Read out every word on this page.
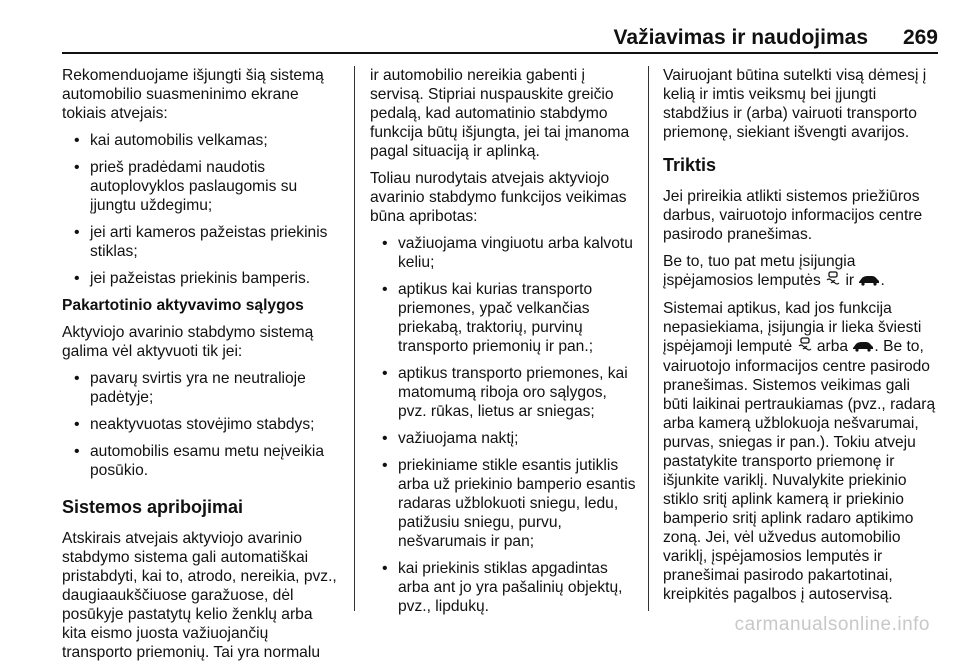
Važiavimas ir naudojimas 269

Rekomenduojame išjungti šią sistemą automobilio suasmeninimo ekrane tokiais atvejais:

• kai automobilis velkamas;
• prieš pradėdami naudotis autoplovyklos paslaugomis su įjungtu uždegimu;
• jei arti kameros pažeistas priekinis stiklas;
• jei pažeistas priekinis bamperis.

Pakartotinio aktyvavimo sąlygos

Aktyviojo avarinio stabdymo sistemą galima vėl aktyvuoti tik jei:

• pavarų svirtis yra ne neutralioje padėtyje;
• neaktyvuotas stovėjimo stabdys;
• automobilis esamu metu neįveikia posūkio.
Sistemos apribojimai

Atskirais atvejais aktyviojo avarinio stabdymo sistema gali automatiškai pristabdyti, kai to, atrodo, nereikia, pvz., daugiaaukščiuose garažuose, dėl posūkyje pastatytų kelio ženklų arba kita eismo juosta važiuojančių transporto priemonių. Tai yra normalu

ir automobilio nereikia gabenti į servisą. Stipriai nuspauskite greičio pedalą, kad automatinio stabdymo funkcija būtų išjungta, jei tai įmanoma pagal situaciją ir aplinką.

Toliau nurodytais atvejais aktyviojo avarinio stabdymo funkcijos veikimas būna apribotas:

• važiuojama vingiuotu arba kalvotu keliu;
• aptikus kai kurias transporto priemones, ypač velkančias priekabą, traktorių, purvinų transporto priemonių ir pan.;
• aptikus transporto priemones, kai matomumą riboja oro sąlygos, pvz. rūkas, lietus ar sniegas;
• važiuojama naktį;
• priekiniame stikle esantis jutiklis arba už priekinio bamperio esantis radaras užblokuoti sniegu, ledu, patižusiu sniegu, purvu, nešvarumais ir pan;
• kai priekinis stiklas apgadintas arba ant jo yra pašalinių objektų, pvz., lipdukų.

Vairuojant būtina sutelkti visą dėmesį į kelią ir imtis veiksmų bei įjungti stabdžius ir (arba) vairuoti transporto priemonę, siekiant išvengti avarijos.

Triktis

Jei prireikia atlikti sistemos priežiūros darbus, vairuotojo informacijos centre pasirodo pranešimas.

Be to, tuo pat metu įsijungia įspėjamosios lemputės ir .

Sistemai aptikus, kad jos funkcija nepasiekiama, įsijungia ir lieka šviesti įspėjamoji lemputė arba . Be to, vairuotojo informacijos centre pasirodo pranešimas. Sistemos veikimas gali būti laikinai pertraukiamas (pvz., radarą arba kamerą užblokuoja nešvarumai, purvas, sniegas ir pan.). Tokiu atveju pastatykite transporto priemonę ir išjunkite variklį. Nuvalykite priekinio stiklo sritį aplink kamerą ir priekinio bamperio sritį aplink radaro aptikimo zoną. Jei, vėl užvedus automobilio variklį, įspėjamosios lemputės ir pranešimai pasirodo pakartotinai, kreipkitės pagalbos į autoservisą.

carmanualsonline.info
